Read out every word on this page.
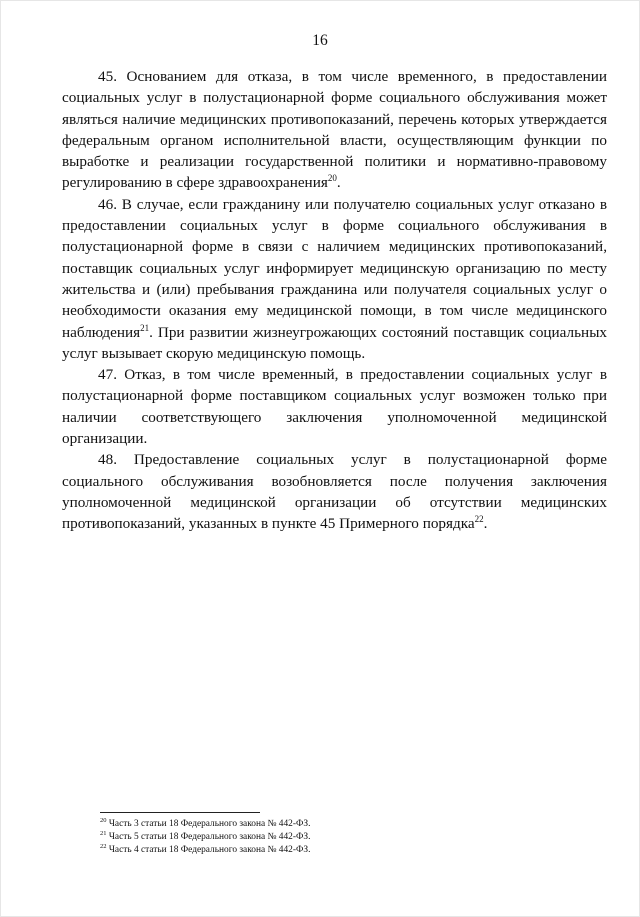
16

45. Основанием для отказа, в том числе временного, в предоставлении социальных услуг в полустационарной форме социального обслуживания может являться наличие медицинских противопоказаний, перечень которых утверждается федеральным органом исполнительной власти, осуществляющим функции по выработке и реализации государственной политики и нормативно-правовому регулированию в сфере здравоохранения$^{20}$.

46. В случае, если гражданину или получателю социальных услуг отказано в предоставлении социальных услуг в форме социального обслуживания в полустационарной форме в связи с наличием медицинских противопоказаний, поставщик социальных услуг информирует медицинскую организацию по месту жительства и (или) пребывания гражданина или получателя социальных услуг о необходимости оказания ему медицинской помощи, в том числе медицинского наблюдения$^{21}$. При развитии жизнеугрожающих состояний поставщик социальных услуг вызывает скорую медицинскую помощь.

47. Отказ, в том числе временный, в предоставлении социальных услуг в полустационарной форме поставщиком социальных услуг возможен только при наличии соответствующего заключения уполномоченной медицинской организации.

48. Предоставление социальных услуг в полустационарной форме социального обслуживания возобновляется после получения заключения уполномоченной медицинской организации об отсутствии медицинских противопоказаний, указанных в пункте 45 Примерного порядка$^{22}$.

$^{20}$ Часть 3 статьи 18 Федерального закона № 442-ФЗ.
$^{21}$ Часть 5 статьи 18 Федерального закона № 442-ФЗ.
$^{22}$ Часть 4 статьи 18 Федерального закона № 442-ФЗ.
